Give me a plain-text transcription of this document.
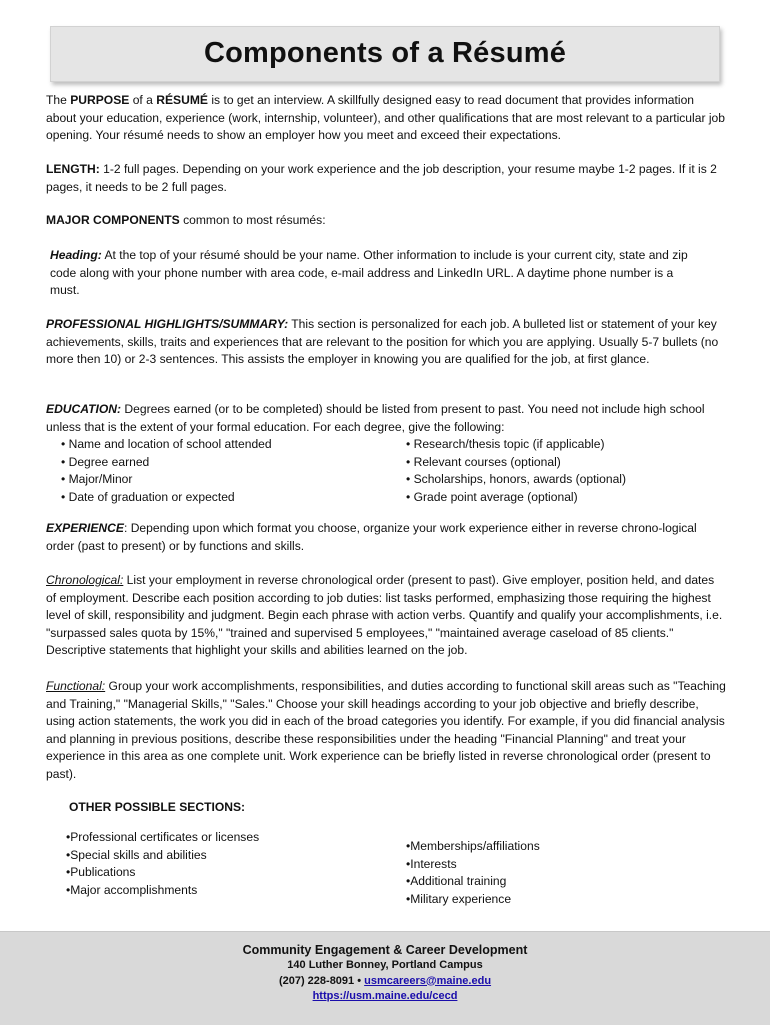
Components of a Résumé

The PURPOSE of a RÉSUMÉ is to get an interview. A skillfully designed easy to read document that provides information about your education, experience (work, internship, volunteer), and other qualifications that are most relevant to a particular job opening. Your résumé needs to show an employer how you meet and exceed their expectations.

LENGTH: 1-2 full pages. Depending on your work experience and the job description, your resume maybe 1-2 pages. If it is 2 pages, it needs to be 2 full pages.

MAJOR COMPONENTS common to most résumés:

Heading: At the top of your résumé should be your name. Other information to include is your current city, state and zip code along with your phone number with area code, e-mail address and LinkedIn URL. A daytime phone number is a must.

PROFESSIONAL HIGHLIGHTS/SUMMARY: This section is personalized for each job. A bulleted list or statement of your key achievements, skills, traits and experiences that are relevant to the position for which you are applying. Usually 5-7 bullets (no more then 10) or 2-3 sentences. This assists the employer in knowing you are qualified for the job, at first glance.

EDUCATION: Degrees earned (or to be completed) should be listed from present to past. You need not include high school unless that is the extent of your formal education. For each degree, give the following:

• Name and location of school attended
• Degree earned
• Major/Minor
• Date of graduation or expected
• Research/thesis topic (if applicable)
• Relevant courses (optional)
• Scholarships, honors, awards (optional)
• Grade point average (optional)

EXPERIENCE: Depending upon which format you choose, organize your work experience either in reverse chrono-logical order (past to present) or by functions and skills.

Chronological: List your employment in reverse chronological order (present to past). Give employer, position held, and dates of employment. Describe each position according to job duties: list tasks performed, emphasizing those requiring the highest level of skill, responsibility and judgment. Begin each phrase with action verbs. Quantify and qualify your accomplishments, i.e. "surpassed sales quota by 15%," "trained and supervised 5 employees," "maintained average caseload of 85 clients." Descriptive statements that highlight your skills and abilities learned on the job.

Functional: Group your work accomplishments, responsibilities, and duties according to functional skill areas such as "Teaching and Training," "Managerial Skills," "Sales." Choose your skill headings according to your job objective and briefly describe, using action statements, the work you did in each of the broad categories you identify. For example, if you did financial analysis and planning in previous positions, describe these responsibilities under the heading "Financial Planning" and treat your experience in this area as one complete unit. Work experience can be briefly listed in reverse chronological order (present to past).

OTHER POSSIBLE SECTIONS:

•Professional certificates or licenses
•Special skills and abilities
•Publications
•Major accomplishments
•Memberships/affiliations
•Interests
•Additional training
•Military experience
Community Engagement & Career Development
140 Luther Bonney, Portland Campus
(207) 228-8091 • usmcareers@maine.edu
https://usm.maine.edu/cecd
